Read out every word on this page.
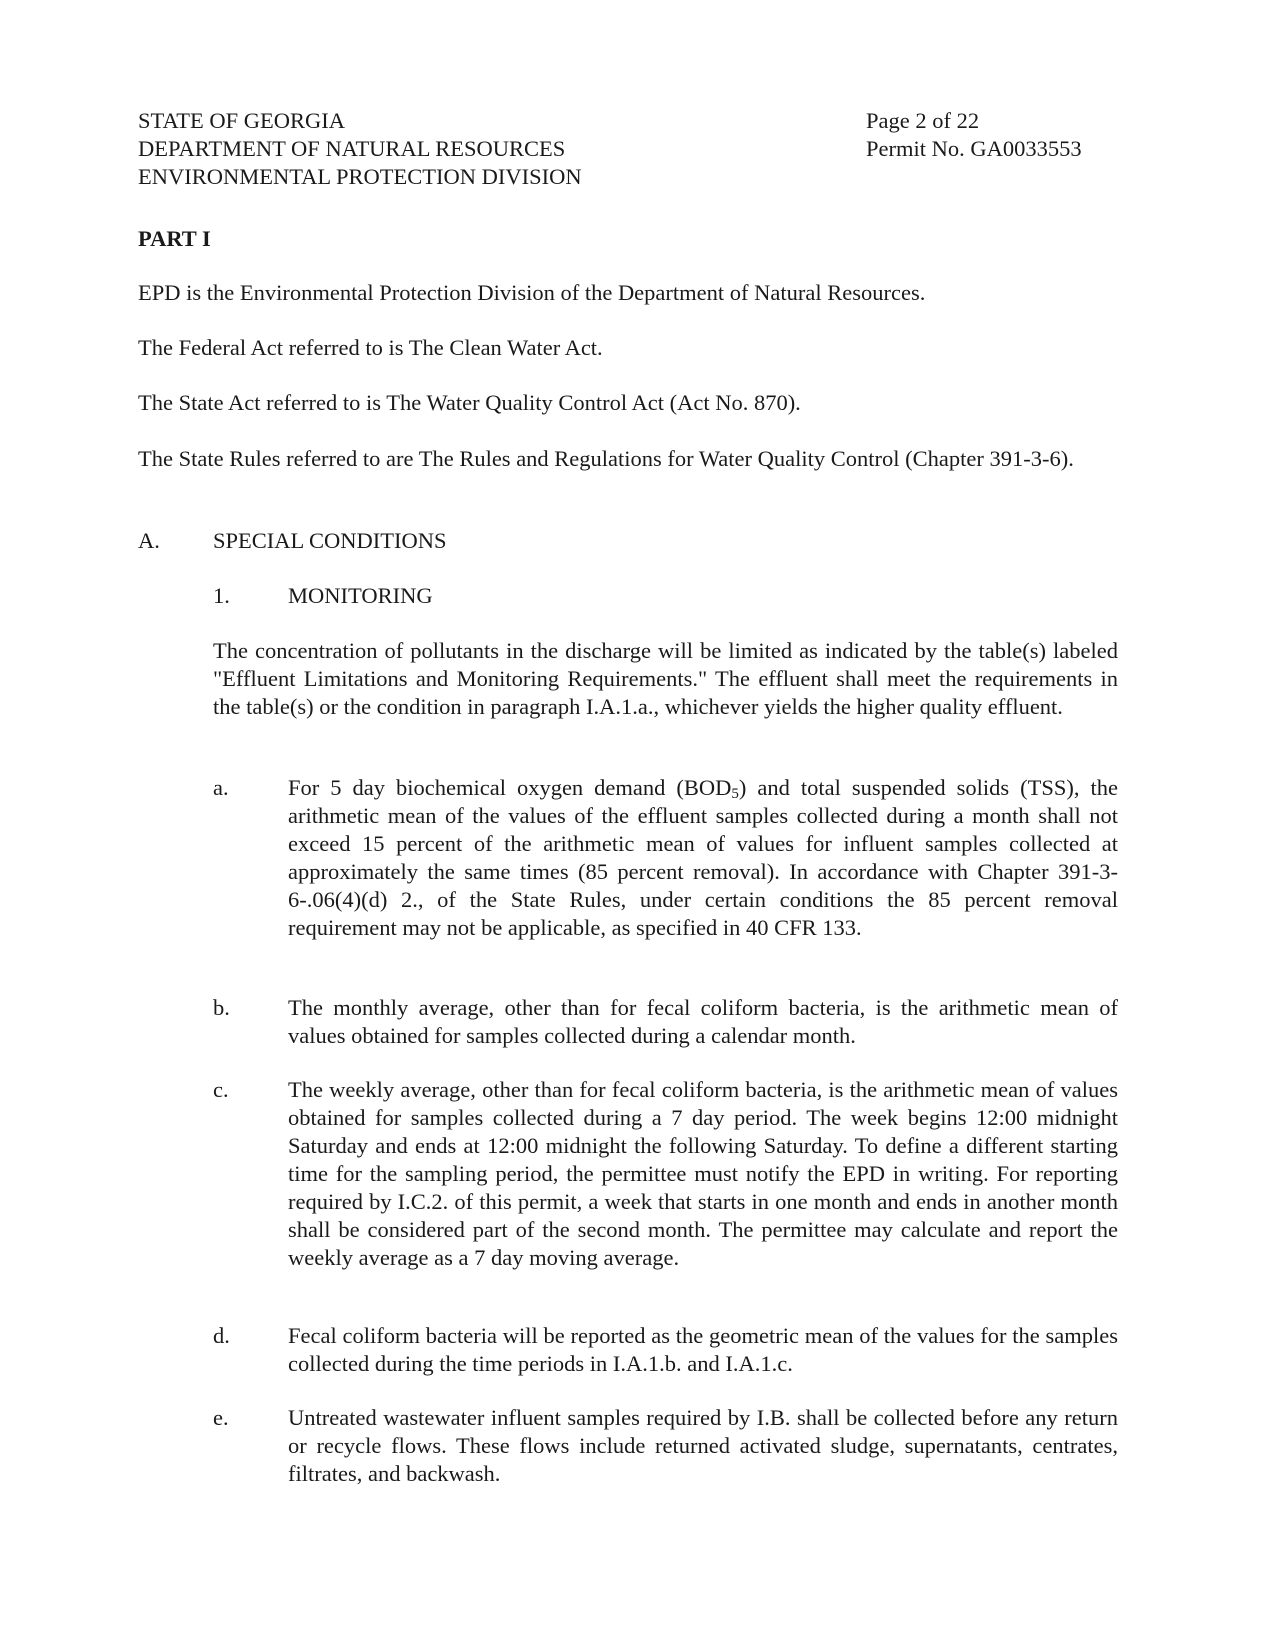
STATE OF GEORGIA
DEPARTMENT OF NATURAL RESOURCES
ENVIRONMENTAL PROTECTION DIVISION
Page 2 of 22
Permit No. GA0033553
PART I
EPD is the Environmental Protection Division of the Department of Natural Resources.
The Federal Act referred to is The Clean Water Act.
The State Act referred to is The Water Quality Control Act (Act No. 870).
The State Rules referred to are The Rules and Regulations for Water Quality Control (Chapter 391-3-6).
A. SPECIAL CONDITIONS
1.	MONITORING
The concentration of pollutants in the discharge will be limited as indicated by the table(s) labeled "Effluent Limitations and Monitoring Requirements." The effluent shall meet the requirements in the table(s) or the condition in paragraph I.A.1.a., whichever yields the higher quality effluent.
a.	For 5 day biochemical oxygen demand $(BOD_5)$ and total suspended solids (TSS), the arithmetic mean of the values of the effluent samples collected during a month shall not exceed 15 percent of the arithmetic mean of values for influent samples collected at approximately the same times (85 percent removal). In accordance with Chapter 391-3-6-.06(4)(d) 2., of the State Rules, under certain conditions the 85 percent removal requirement may not be applicable, as specified in 40 CFR 133.
b.	The monthly average, other than for fecal coliform bacteria, is the arithmetic mean of values obtained for samples collected during a calendar month.
c.	The weekly average, other than for fecal coliform bacteria, is the arithmetic mean of values obtained for samples collected during a 7 day period. The week begins 12:00 midnight Saturday and ends at 12:00 midnight the following Saturday. To define a different starting time for the sampling period, the permittee must notify the EPD in writing. For reporting required by I.C.2. of this permit, a week that starts in one month and ends in another month shall be considered part of the second month. The permittee may calculate and report the weekly average as a 7 day moving average.
d.	Fecal coliform bacteria will be reported as the geometric mean of the values for the samples collected during the time periods in I.A.1.b. and I.A.1.c.
e.	Untreated wastewater influent samples required by I.B. shall be collected before any return or recycle flows. These flows include returned activated sludge, supernatants, centrates, filtrates, and backwash.
